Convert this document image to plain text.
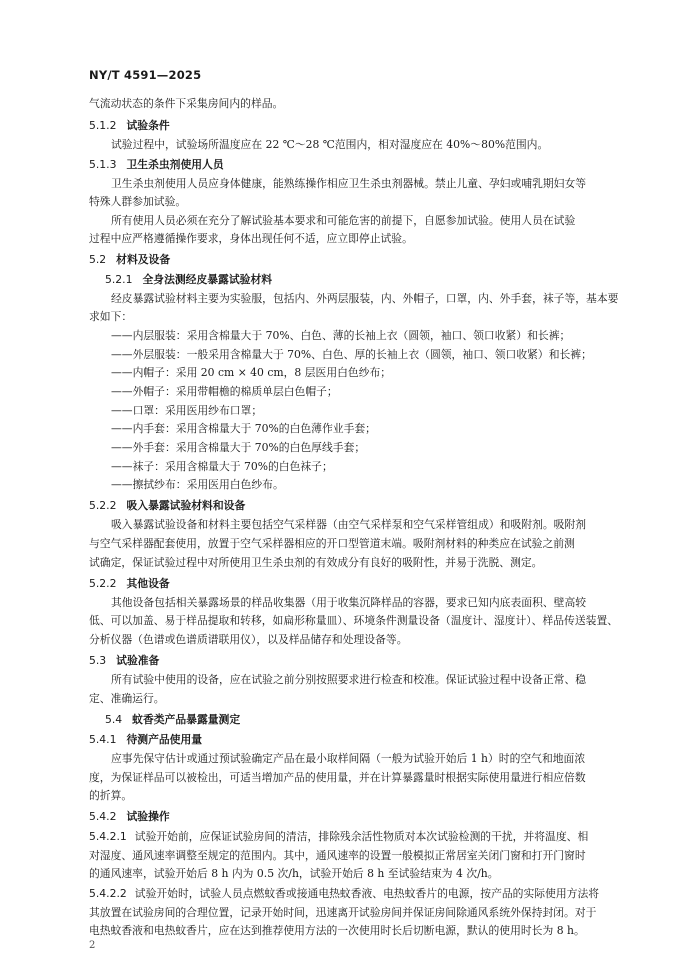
NY/T 4591—2025
气流动状态的条件下采集房间内的样品。
5.1.2 试验条件
试验过程中，试验场所温度应在 22 ℃～28 ℃范围内，相对湿度应在 40%～80%范围内。
5.1.3 卫生杀虫剂使用人员
卫生杀虫剂使用人员应身体健康，能熟练操作相应卫生杀虫剂器械。禁止儿童、孕妇或哺乳期妇女等
特殊人群参加试验。
所有使用人员必须在充分了解试验基本要求和可能危害的前提下，自愿参加试验。使用人员在试验
过程中应严格遵循操作要求，身体出现任何不适，应立即停止试验。
5.2 材料及设备
5.2.1 全身法测经皮暴露试验材料
经皮暴露试验材料主要为实验服，包括内、外两层服装，内、外帽子，口罩，内、外手套，袜子等，基本要
求如下：
——内层服装：采用含棉量大于 70%、白色、薄的长袖上衣（圆领，袖口、领口收紧）和长裤；
——外层服装：一般采用含棉量大于 70%、白色、厚的长袖上衣（圆领，袖口、领口收紧）和长裤；
——内帽子：采用 20 cm × 40 cm，8 层医用白色纱布；
——外帽子：采用带帽檐的棉质单层白色帽子；
——口罩：采用医用纱布口罩；
——内手套：采用含棉量大于 70%的白色薄作业手套；
——外手套：采用含棉量大于 70%的白色厚线手套；
——袜子：采用含棉量大于 70%的白色袜子；
——擦拭纱布：采用医用白色纱布。
5.2.2 吸入暴露试验材料和设备
吸入暴露试验设备和材料主要包括空气采样器（由空气采样泵和空气采样管组成）和吸附剂。吸附剂
与空气采样器配套使用，放置于空气采样器相应的开口型管道末端。吸附剂材料的种类应在试验之前测
试确定，保证试验过程中对所使用卫生杀虫剂的有效成分有良好的吸附性，并易于洗脱、测定。
5.2.2 其他设备
其他设备包括相关暴露场景的样品收集器（用于收集沉降样品的容器，要求已知内底表面积、壁高较
低、可以加盖、易于样品提取和转移，如扁形称量皿）、环境条件测量设备（温度计、湿度计）、样品传送装置、
分析仪器（色谱或色谱质谱联用仪），以及样品储存和处理设备等。
5.3 试验准备
所有试验中使用的设备，应在试验之前分别按照要求进行检查和校准。保证试验过程中设备正常、稳
定、准确运行。
5.4 蚊香类产品暴露量测定
5.4.1 待测产品使用量
应事先保守估计或通过预试验确定产品在最小取样间隔（一般为试验开始后 1 h）时的空气和地面浓
度，为保证样品可以被检出，可适当增加产品的使用量，并在计算暴露量时根据实际使用量进行相应倍数
的折算。
5.4.2 试验操作
5.4.2.1 试验开始前，应保证试验房间的清洁，排除残余活性物质对本次试验检测的干扰，并将温度、相
对湿度、通风速率调整至规定的范围内。其中，通风速率的设置一般模拟正常居室关闭门窗和打开门窗时
的通风速率，试验开始后 8 h 内为 0.5 次/h，试验开始后 8 h 至试验结束为 4 次/h。
5.4.2.2 试验开始时，试验人员点燃蚊香或接通电热蚊香液、电热蚊香片的电源，按产品的实际使用方法将
其放置在试验房间的合理位置，记录开始时间，迅速离开试验房间并保证房间除通风系统外保持封闭。对于
电热蚊香液和电热蚊香片，应在达到推荐使用方法的一次使用时长后切断电源，默认的使用时长为 8 h。
2
